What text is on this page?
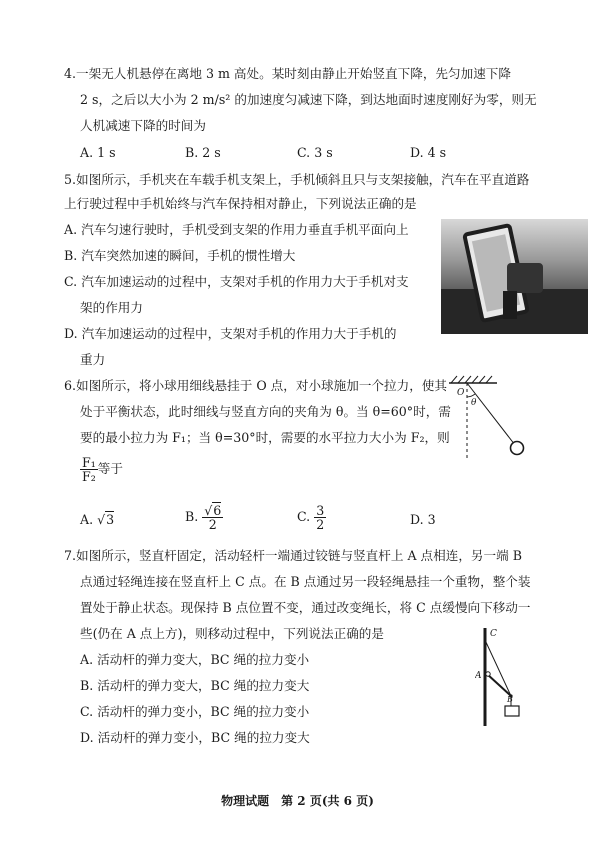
4.一架无人机悬停在离地 3 m 高处。某时刻由静止开始竖直下降，先匀加速下降
2 s，之后以大小为 2 m/s² 的加速度匀减速下降，到达地面时速度刚好为零，则无
人机减速下降的时间为
A. 1 s	B. 2 s	C. 3 s	D. 4 s
5.如图所示，手机夹在车载手机支架上，手机倾斜且只与支架接触，汽车在平直道路
上行驶过程中手机始终与汽车保持相对静止，下列说法正确的是
A. 汽车匀速行驶时，手机受到支架的作用力垂直手机平面向上
B. 汽车突然加速的瞬间，手机的惯性增大
C. 汽车加速运动的过程中，支架对手机的作用力大于手机对支
架的作用力
D. 汽车加速运动的过程中，支架对手机的作用力大于手机的
重力
6.如图所示，将小球用细线悬挂于 O 点，对小球施加一个拉力，使其
处于平衡状态，此时细线与竖直方向的夹角为 θ。当 θ=60°时，需
要的最小拉力为 F₁；当 θ=30°时，需要的水平拉力大小为 F₂，则
$\frac{\text{F₁}}{\text{F₂}}$ 等于
A. √3	B. $\frac{√6}{2}$	C. $\frac{3}{2}$	D. 3
O
θ
7.如图所示，竖直杆固定，活动轻杆一端通过铰链与竖直杆上 A 点相连，另一端 B
点通过轻绳连接在竖直杆上 C 点。在 B 点通过另一段轻绳悬挂一个重物，整个装
置处于静止状态。现保持 B 点位置不变，通过改变绳长，将 C 点缓慢向下移动一
些(仍在 A 点上方)，则移动过程中，下列说法正确的是
A. 活动杆的弹力变大，BC 绳的拉力变小
B. 活动杆的弹力变大，BC 绳的拉力变大
C. 活动杆的弹力变小，BC 绳的拉力变小
D. 活动杆的弹力变小，BC 绳的拉力变大
C
A
B
物理试题　第 2 页(共 6 页)
